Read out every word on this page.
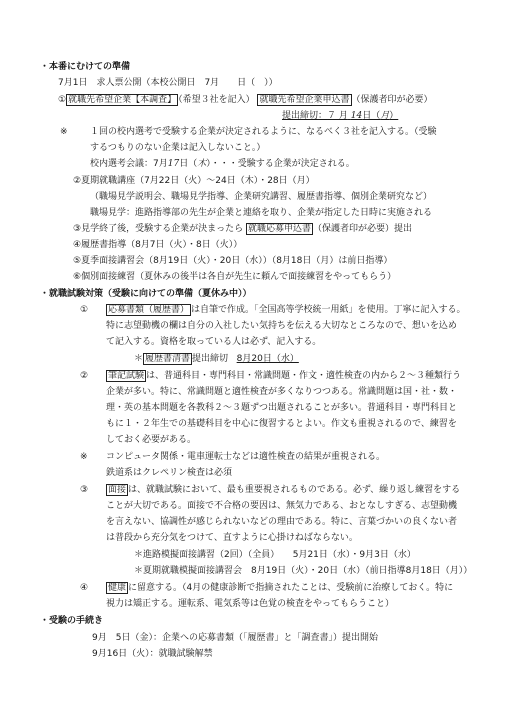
・本番にむけての準備
7月1日　求人票公開（本校公開日　7月　　日（　））
① 就職先希望企業【本調査】 （希望３社を記入） 就職先希望企業申込書 （保護者印が必要）
提出締切：７ 月 14日（月）
※ １回の校内選考で受験する企業が決定されるように、なるべく３社を記入する。（受験
するつもりのない企業は記入しないこと。）
校内選考会議：7月17日（木）・・・受験する企業が決定される。
②夏期就職講座（7月22日（火）～24日（木）・28日（月）
（職場見学説明会、職場見学指導、企業研究講習、履歴書指導、個別企業研究など）
職場見学：進路指導部の先生が企業と連絡を取り、企業が指定した日時に実施される
③見学終了後，受験する企業が決まったら 就職応募申込書 （保護者印が必要）提出
④履歴書指導（8月7日（火）・8日（火））
⑤夏季面接講習会（8月19日（火）・20日（水））（8月18日（月）は前日指導）
⑥個別面接練習（夏休みの後半は各自が先生に頼んで面接練習をやってもらう）
・就職試験対策（受験に向けての準備（夏休み中））
① 応募書類（履歴書） は自筆で作成。「全国高等学校統一用紙」を使用。丁寧に記入する。
特に志望動機の欄は自分の入社したい気持ちを伝える大切なところなので、想いを込め
て記入する。資格を取っている人は必ず、記入する。
＊ 履歴書清書 提出締切 8月20日（水）
② 筆記試験 は、普通科目・専門科目・常識問題・作文・適性検査の内から２～３種類行う
企業が多い。特に、常識問題と適性検査が多くなりつつある。常識問題は国・社・数・
理・英の基本問題を各教科２～３題ずつ出題されることが多い。普通科目・専門科目と
もに１・２年生での基礎科目を中心に復習するとよい。作文も重視されるので、練習を
しておく必要がある。
※ コンピュータ関係・電車運転士などは適性検査の結果が重視される。
鉄道系はクレペリン検査は必須
③ 面接 は、就職試験において、最も重要視されるものである。必ず、繰り返し練習をする
ことが大切である。面接で不合格の要因は、無気力である、おとなしすぎる、志望動機
を言えない、協調性が感じられないなどの理由である。特に、言葉づかいの良くない者
は普段から充分気をつけて、直すように心掛けねばならない。
＊進路模擬面接講習（2回）（全員）　　5月21日（水）・9月3日（水）
＊夏期就職模擬面接講習会　8月19日（火）・20日（水）（前日指導8月18日（月））
④ 健康 に留意する。（4月の健康診断で指摘されたことは、受験前に治療しておく。特に
視力は矯正する。運転系、電気系等は色覚の検査をやってもらうこと）
・受験の手続き
9月　5日（金）：企業への応募書類（「履歴書」と「調査書」）提出開始
9月16日（火）：就職試験解禁
